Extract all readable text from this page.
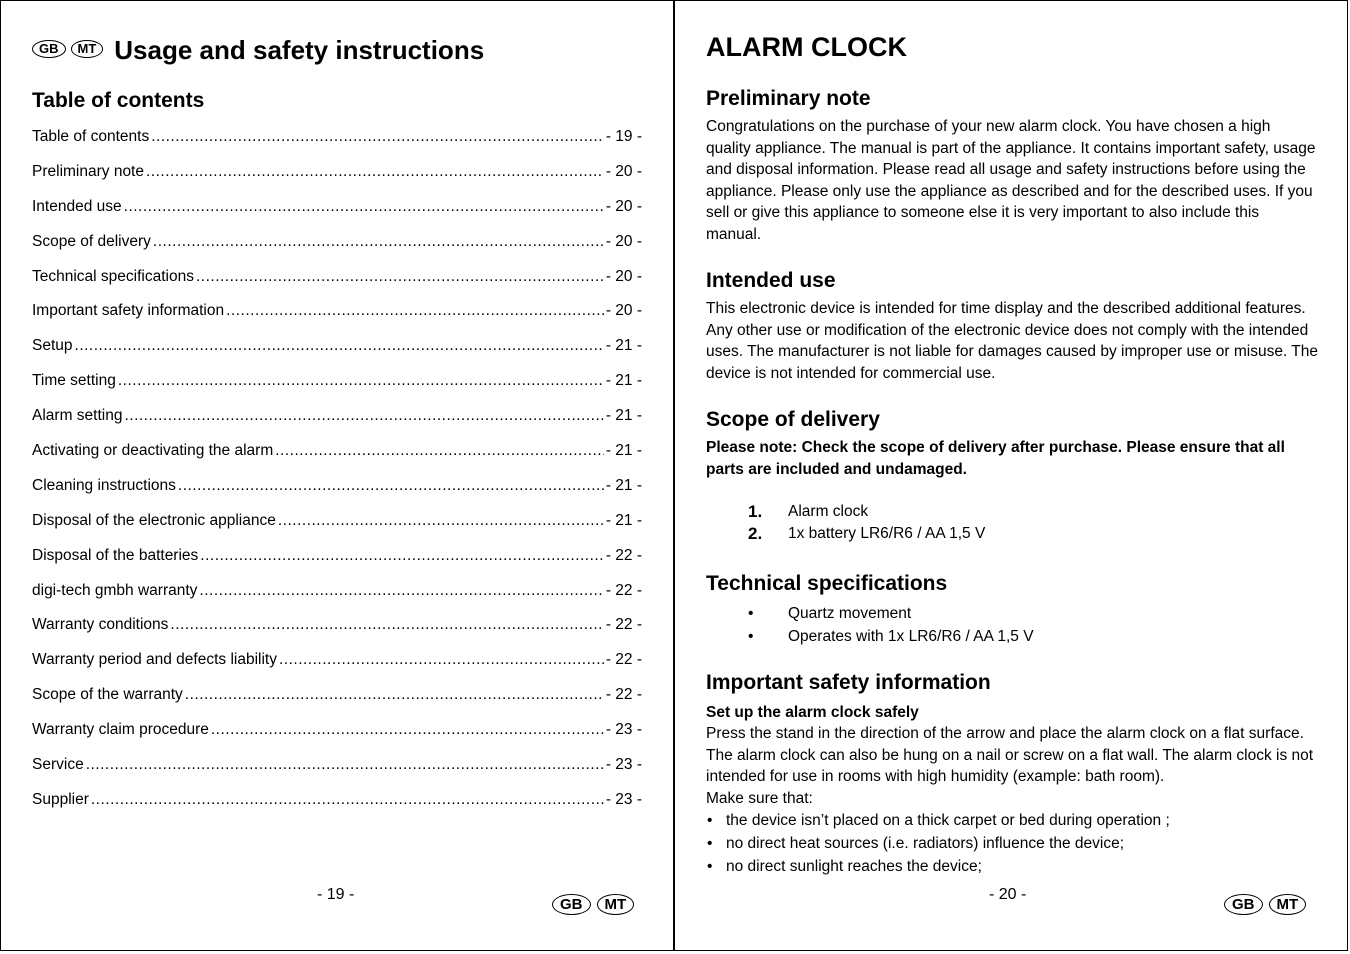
GB MT Usage and safety instructions
Table of contents
Table of contents .....	- 19 -
Preliminary note .....	- 20 -
Intended use .....	- 20 -
Scope of delivery .....	- 20 -
Technical specifications .....	- 20 -
Important safety information .....	- 20 -
Setup .....	- 21 -
Time setting .....	- 21 -
Alarm setting .....	- 21 -
Activating or deactivating the alarm .....	- 21 -
Cleaning instructions .....	- 21 -
Disposal of the electronic appliance .....	- 21 -
Disposal of the batteries .....	- 22 -
digi-tech gmbh warranty .....	- 22 -
Warranty conditions .....	- 22 -
Warranty period and defects liability .....	- 22 -
Scope of the warranty .....	- 22 -
Warranty claim procedure .....	- 23 -
Service .....	- 23 -
Supplier .....	- 23 -
- 19 -
GB MT
ALARM CLOCK
Preliminary note

Congratulations on the purchase of your new alarm clock. You have chosen a high quality appliance. The manual is part of the appliance. It contains important safety, usage and disposal information. Please read all usage and safety instructions before using the appliance. Please only use the appliance as described and for the described uses. If you sell or give this appliance to someone else it is very important to also include this manual.

Intended use

This electronic device is intended for time display and the described additional features. Any other use or modification of the electronic device does not comply with the intended uses. The manufacturer is not liable for damages caused by improper use or misuse. The device is not intended for commercial use.

Scope of delivery

Please note: Check the scope of delivery after purchase. Please ensure that all parts are included and undamaged.

1. Alarm clock
2. 1x battery LR6/R6 / AA 1,5 V
Technical specifications
• Quartz movement
• Operates with 1x LR6/R6 / AA 1,5 V
Important safety information
Set up the alarm clock safely

Press the stand in the direction of the arrow and place the alarm clock on a flat surface. The alarm clock can also be hung on a nail or screw on a flat wall. The alarm clock is not intended for use in rooms with high humidity (example: bath room).

Make sure that:

• the device isn’t placed on a thick carpet or bed during operation ;
• no direct heat sources (i.e. radiators) influence the device;
• no direct sunlight reaches the device;
- 20 -
GB MT
